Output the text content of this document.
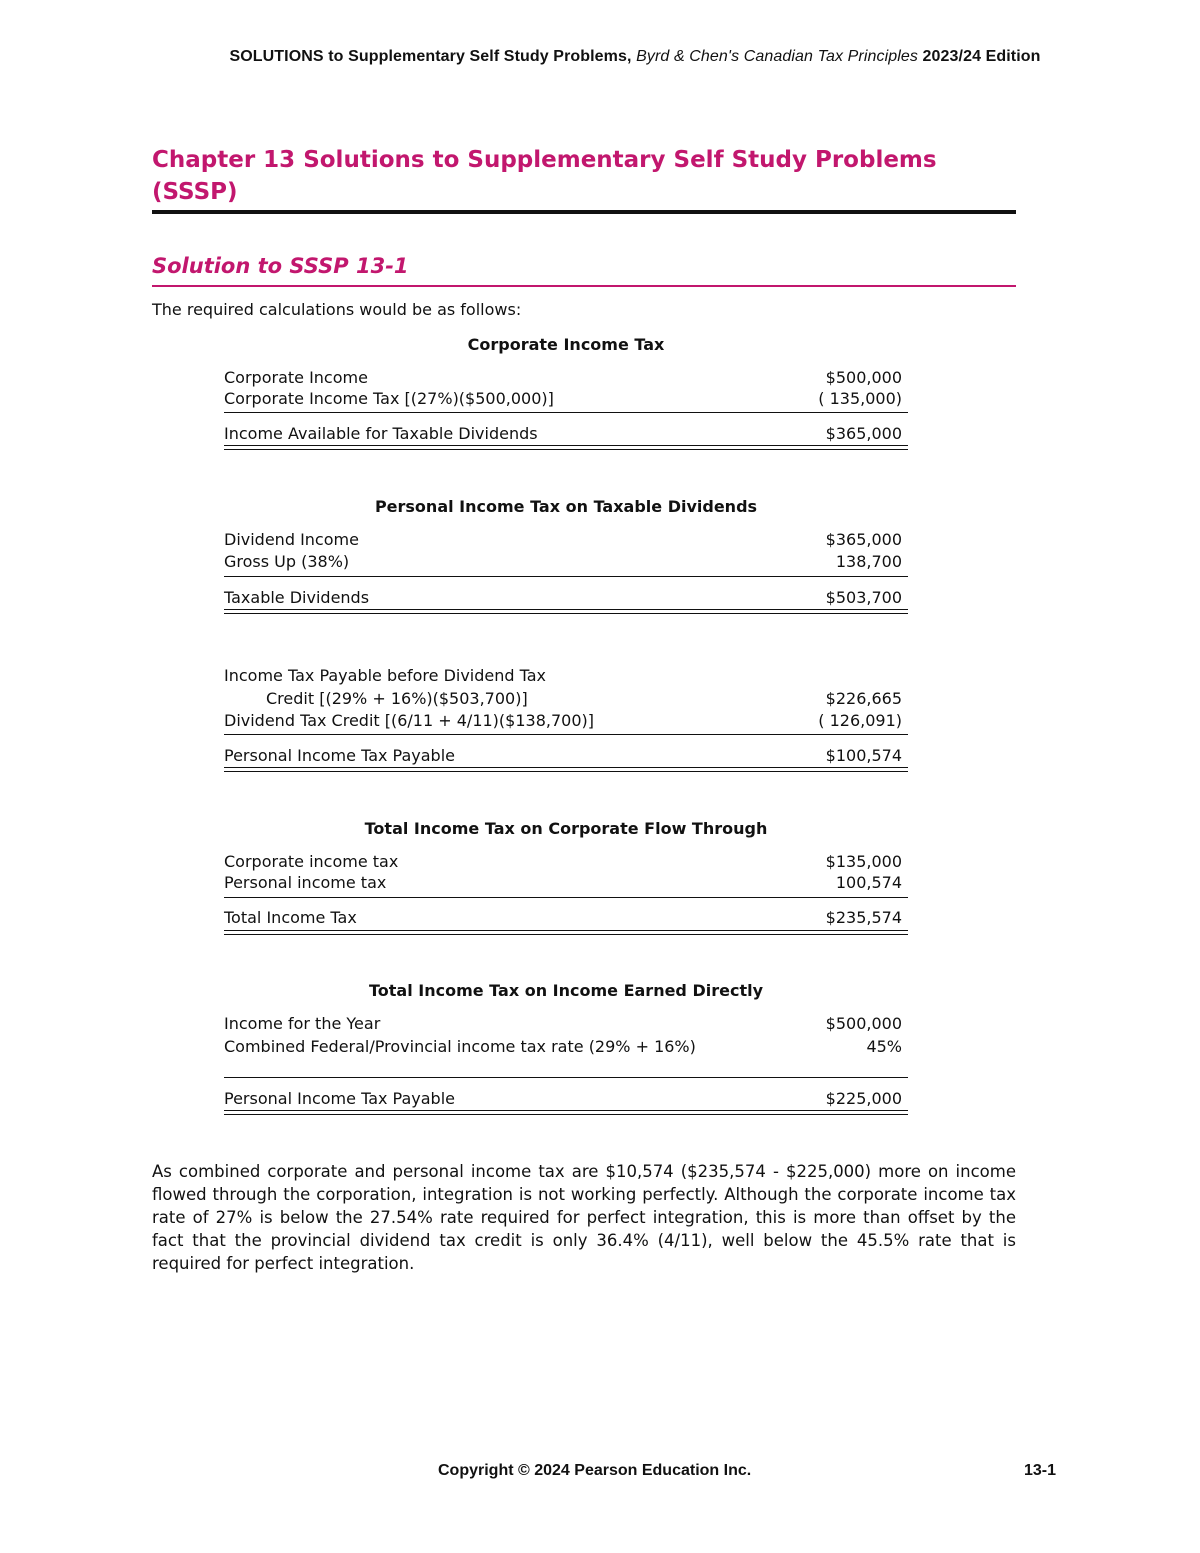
SOLUTIONS to Supplementary Self Study Problems, Byrd & Chen's Canadian Tax Principles 2023/24 Edition
Chapter 13 Solutions to Supplementary Self Study Problems (SSSP)
Solution to SSSP 13-1
The required calculations would be as follows:
Corporate Income Tax
Corporate Income	$500,000
Corporate Income Tax [(27%)($500,000)]	( 135,000)
Income Available for Taxable Dividends	$365,000
Personal Income Tax on Taxable Dividends
Dividend Income	$365,000
Gross Up (38%)	138,700
Taxable Dividends	$503,700
Income Tax Payable before Dividend Tax
Credit [(29% + 16%)($503,700)]	$226,665
Dividend Tax Credit [(6/11 + 4/11)($138,700)]	( 126,091)
Personal Income Tax Payable	$100,574
Total Income Tax on Corporate Flow Through
Corporate income tax	$135,000
Personal income tax	100,574
Total Income Tax	$235,574
Total Income Tax on Income Earned Directly
Income for the Year	$500,000
Combined Federal/Provincial income tax rate (29% + 16%)	45%
Personal Income Tax Payable	$225,000
As combined corporate and personal income tax are $10,574 ($235,574 - $225,000) more on income flowed through the corporation, integration is not working perfectly. Although the corporate income tax rate of 27% is below the 27.54% rate required for perfect integration, this is more than offset by the fact that the provincial dividend tax credit is only 36.4% (4/11), well below the 45.5% rate that is required for perfect integration.
Copyright © 2024 Pearson Education Inc.	13-1
